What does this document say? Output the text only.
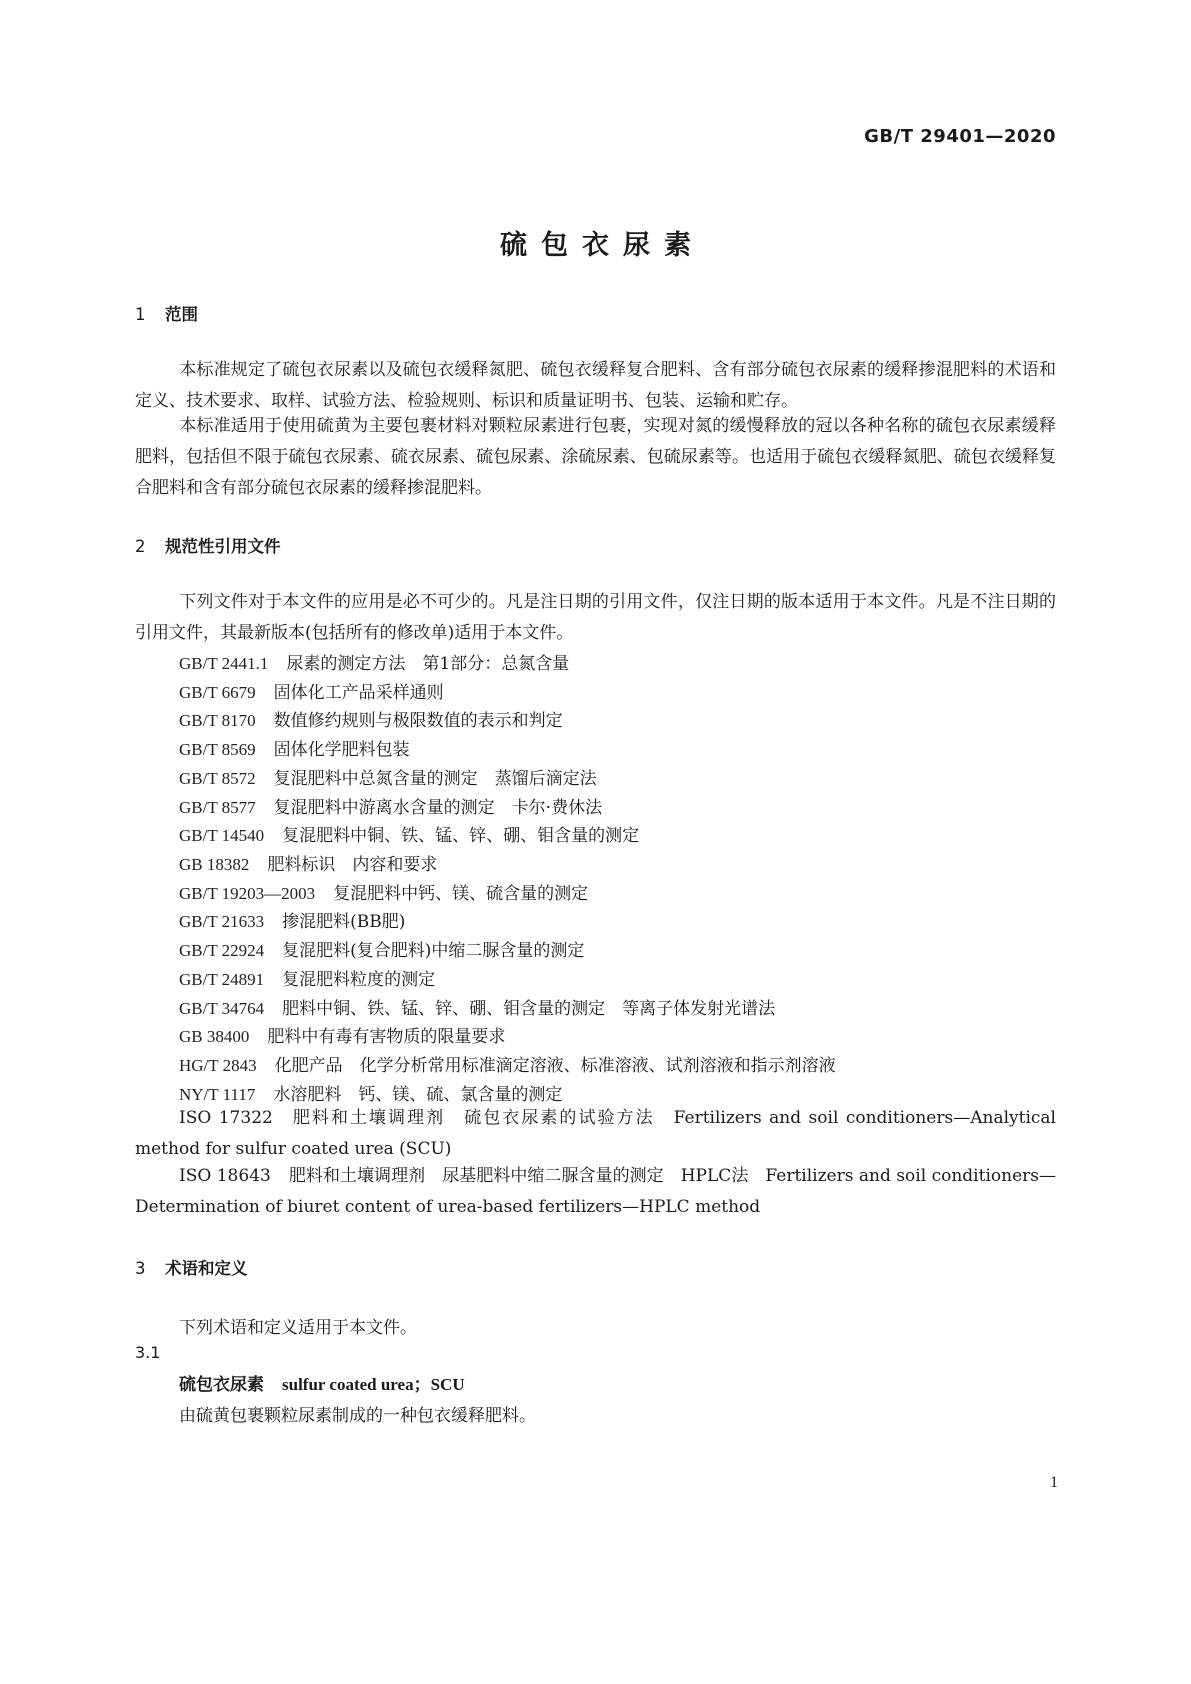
GB/T 29401—2020
硫包衣尿素
1 范围
本标准规定了硫包衣尿素以及硫包衣缓释氮肥、硫包衣缓释复合肥料、含有部分硫包衣尿素的缓释掺混肥料的术语和定义、技术要求、取样、试验方法、检验规则、标识和质量证明书、包装、运输和贮存。
本标准适用于使用硫黄为主要包裹材料对颗粒尿素进行包裹，实现对氮的缓慢释放的冠以各种名称的硫包衣尿素缓释肥料，包括但不限于硫包衣尿素、硫衣尿素、硫包尿素、涂硫尿素、包硫尿素等。也适用于硫包衣缓释氮肥、硫包衣缓释复合肥料和含有部分硫包衣尿素的缓释掺混肥料。
2 规范性引用文件
下列文件对于本文件的应用是必不可少的。凡是注日期的引用文件，仅注日期的版本适用于本文件。凡是不注日期的引用文件，其最新版本(包括所有的修改单)适用于本文件。
GB/T 2441.1 尿素的测定方法　第1部分：总氮含量
GB/T 6679 固体化工产品采样通则
GB/T 8170 数值修约规则与极限数值的表示和判定
GB/T 8569 固体化学肥料包装
GB/T 8572 复混肥料中总氮含量的测定　蒸馏后滴定法
GB/T 8577 复混肥料中游离水含量的测定　卡尔·费休法
GB/T 14540 复混肥料中铜、铁、锰、锌、硼、钼含量的测定
GB 18382 肥料标识　内容和要求
GB/T 19203—2003 复混肥料中钙、镁、硫含量的测定
GB/T 21633 掺混肥料(BB肥)
GB/T 22924 复混肥料(复合肥料)中缩二脲含量的测定
GB/T 24891 复混肥料粒度的测定
GB/T 34764 肥料中铜、铁、锰、锌、硼、钼含量的测定　等离子体发射光谱法
GB 38400 肥料中有毒有害物质的限量要求
HG/T 2843 化肥产品　化学分析常用标准滴定溶液、标准溶液、试剂溶液和指示剂溶液
NY/T 1117 水溶肥料　钙、镁、硫、氯含量的测定
ISO 17322 肥料和土壤调理剂　硫包衣尿素的试验方法　Fertilizers and soil conditioners—Analytical method for sulfur coated urea (SCU)
ISO 18643 肥料和土壤调理剂　尿基肥料中缩二脲含量的测定　HPLC法　Fertilizers and soil conditioners—Determination of biuret content of urea-based fertilizers—HPLC method
3 术语和定义
下列术语和定义适用于本文件。
3.1
硫包衣尿素 sulfur coated urea；SCU
由硫黄包裹颗粒尿素制成的一种包衣缓释肥料。
1
